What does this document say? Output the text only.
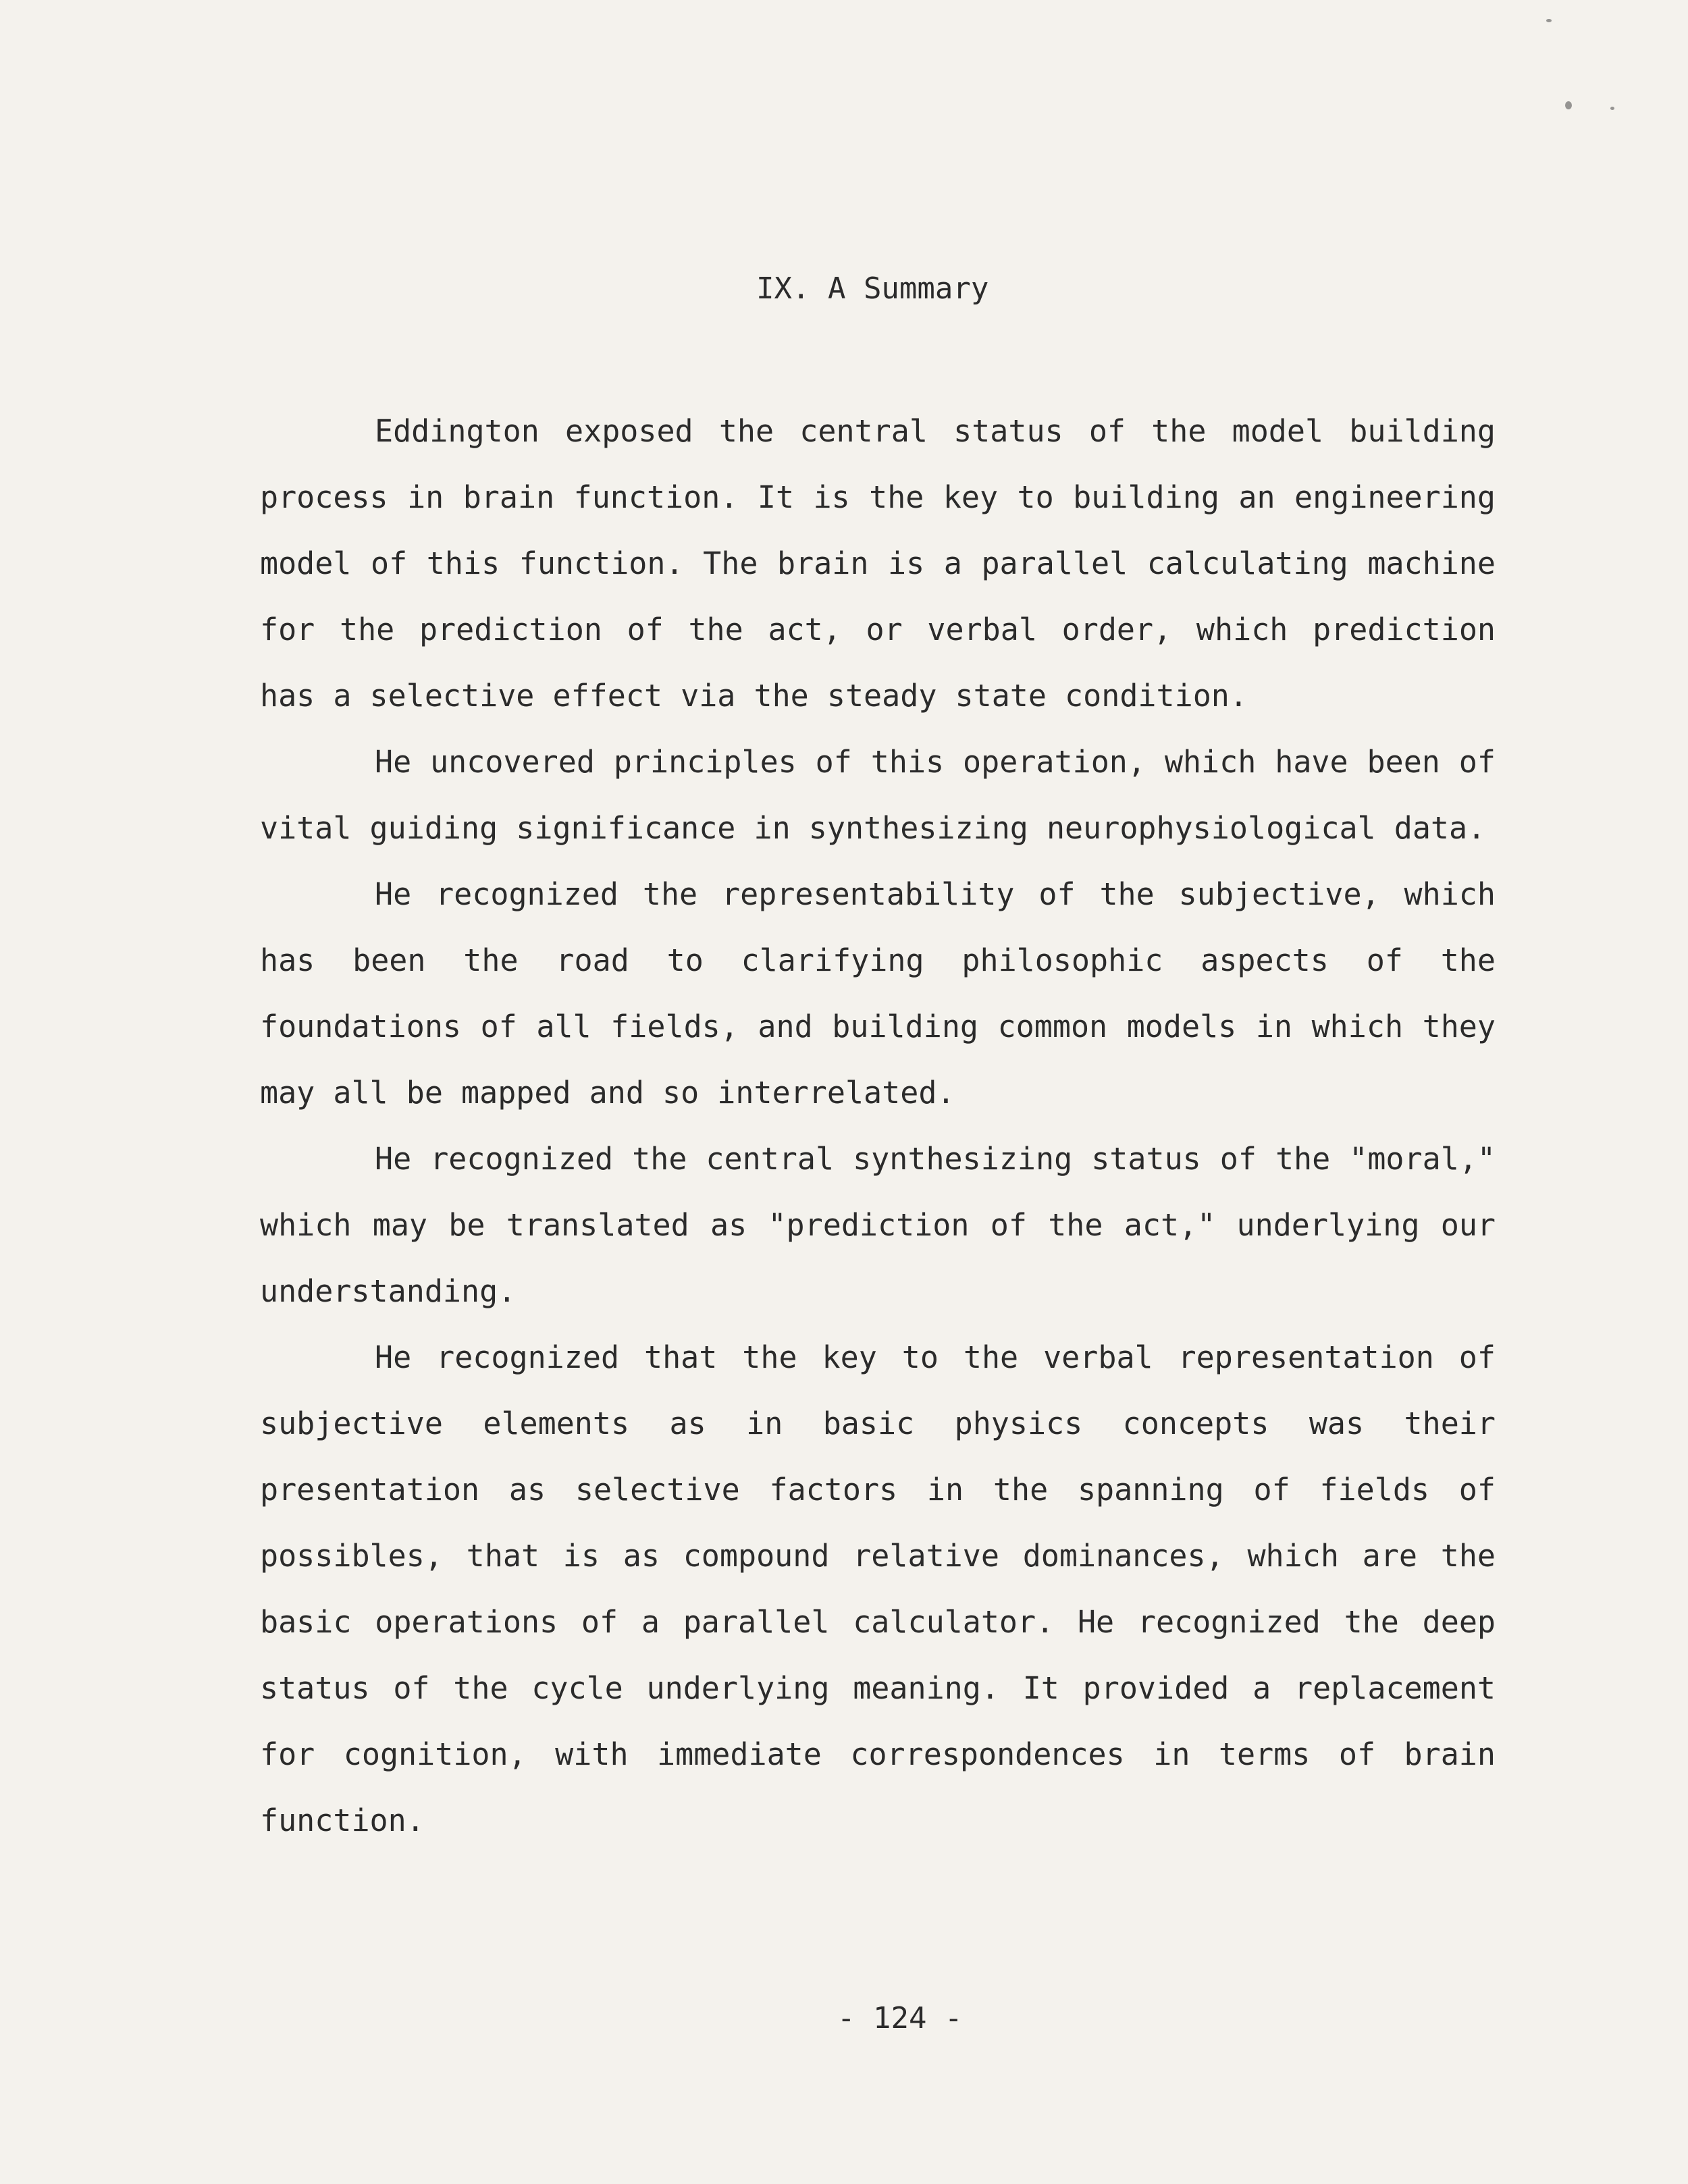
IX. A Summary

Eddington exposed the central status of the model building process in brain function. It is the key to building an engineering model of this function. The brain is a parallel calculating machine for the prediction of the act, or verbal order, which prediction has a selective effect via the steady state condition.

He uncovered principles of this operation, which have been of vital guiding significance in synthesizing neurophysiological data.

He recognized the representability of the subjective, which has been the road to clarifying philosophic aspects of the foundations of all fields, and building common models in which they may all be mapped and so interrelated.

He recognized the central synthesizing status of the "moral," which may be translated as "prediction of the act," underlying our understanding.

He recognized that the key to the verbal representation of subjective elements as in basic physics concepts was their presentation as selective factors in the spanning of fields of possibles, that is as compound relative dominances, which are the basic operations of a parallel calculator. He recognized the deep status of the cycle underlying meaning. It provided a replacement for cognition, with immediate correspondences in terms of brain function.

- 124 -
